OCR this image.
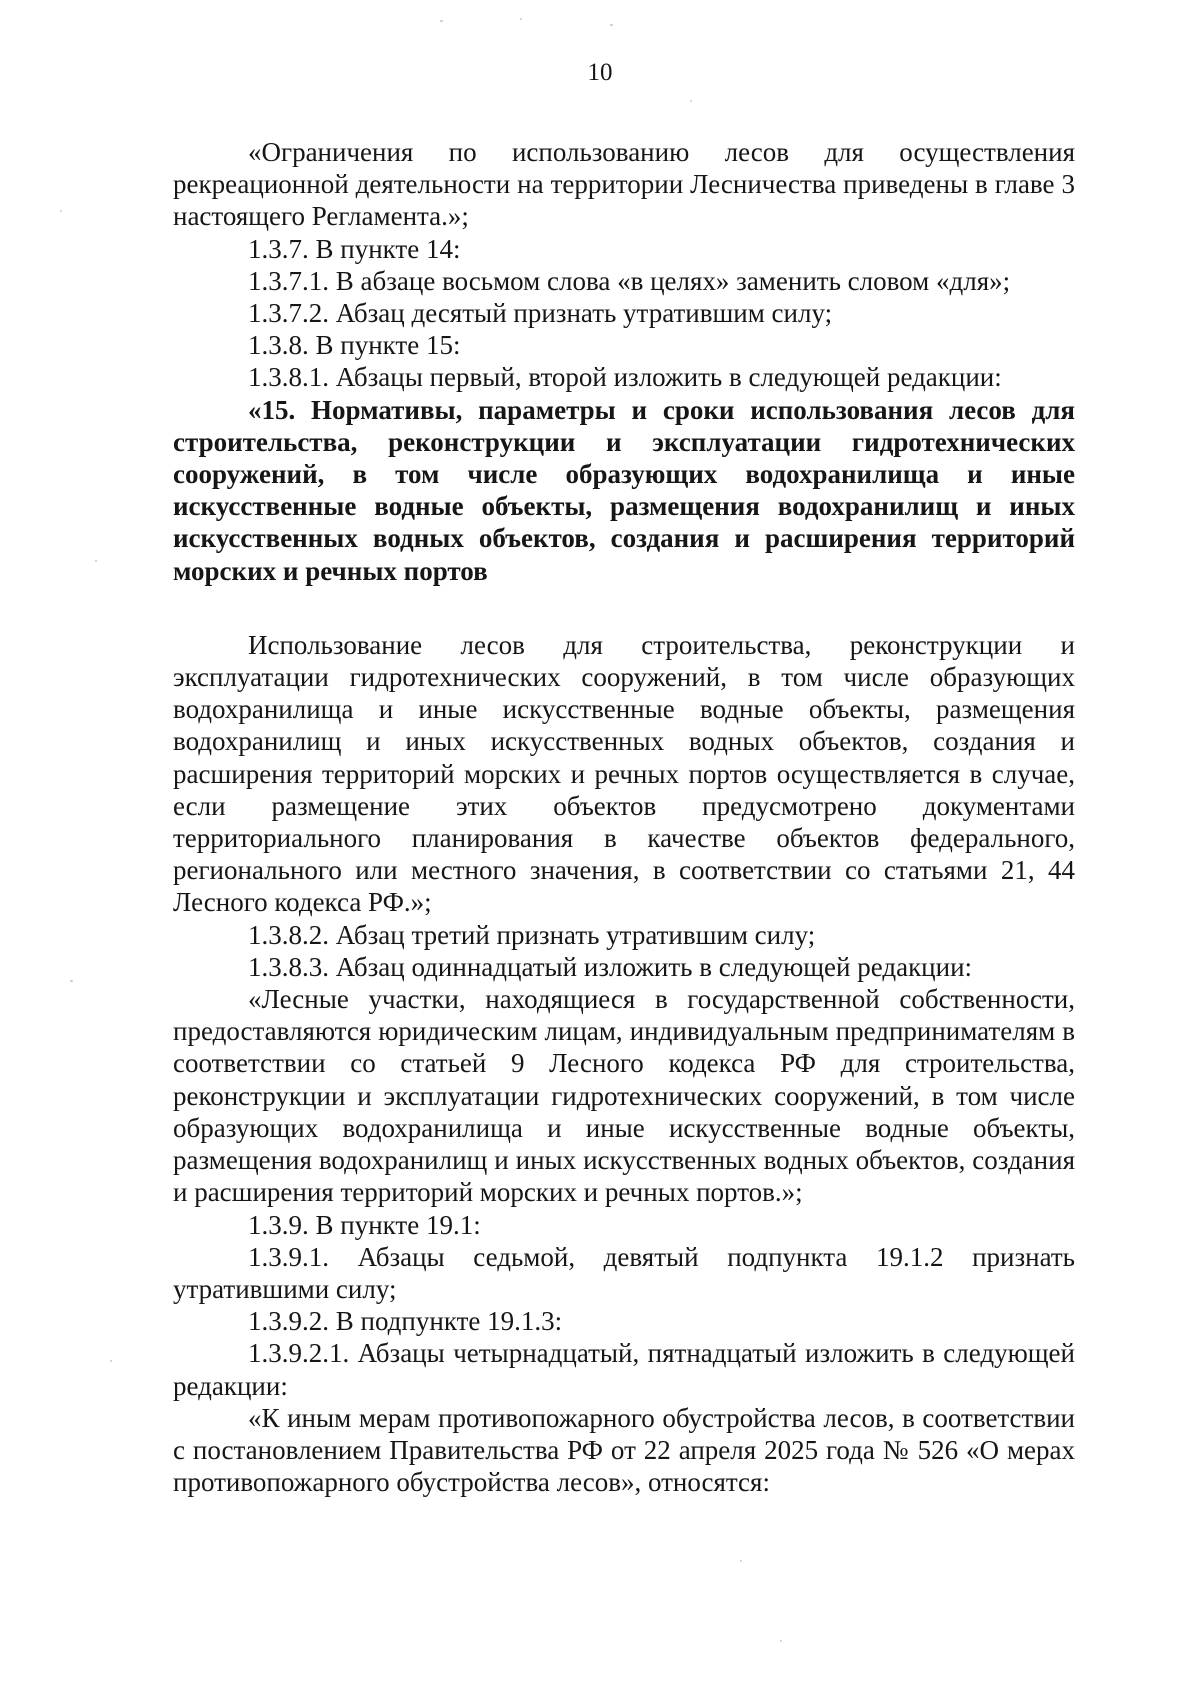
10

«Ограничения по использованию лесов для осуществления рекреационной деятельности на территории Лесничества приведены в главе 3 настоящего Регламента.»;

1.3.7. В пункте 14:

1.3.7.1. В абзаце восьмом слова «в целях» заменить словом «для»;

1.3.7.2. Абзац десятый признать утратившим силу;

1.3.8. В пункте 15:

1.3.8.1. Абзацы первый, второй изложить в следующей редакции:

«15. Нормативы, параметры и сроки использования лесов для строительства, реконструкции и эксплуатации гидротехнических сооружений, в том числе образующих водохранилища и иные искусственные водные объекты, размещения водохранилищ и иных искусственных водных объектов, создания и расширения территорий морских и речных портов

Использование лесов для строительства, реконструкции и эксплуатации гидротехнических сооружений, в том числе образующих водохранилища и иные искусственные водные объекты, размещения водохранилищ и иных искусственных водных объектов, создания и расширения территорий морских и речных портов осуществляется в случае, если размещение этих объектов предусмотрено документами территориального планирования в качестве объектов федерального, регионального или местного значения, в соответствии со статьями 21, 44 Лесного кодекса РФ.»;

1.3.8.2. Абзац третий признать утратившим силу;

1.3.8.3. Абзац одиннадцатый изложить в следующей редакции:

«Лесные участки, находящиеся в государственной собственности, предоставляются юридическим лицам, индивидуальным предпринимателям в соответствии со статьей 9 Лесного кодекса РФ для строительства, реконструкции и эксплуатации гидротехнических сооружений, в том числе образующих водохранилища и иные искусственные водные объекты, размещения водохранилищ и иных искусственных водных объектов, создания и расширения территорий морских и речных портов.»;

1.3.9. В пункте 19.1:

1.3.9.1. Абзацы седьмой, девятый подпункта 19.1.2 признать утратившими силу;

1.3.9.2. В подпункте 19.1.3:

1.3.9.2.1. Абзацы четырнадцатый, пятнадцатый изложить в следующей редакции:

«К иным мерам противопожарного обустройства лесов, в соответствии с постановлением Правительства РФ от 22 апреля 2025 года № 526 «О мерах противопожарного обустройства лесов», относятся:
